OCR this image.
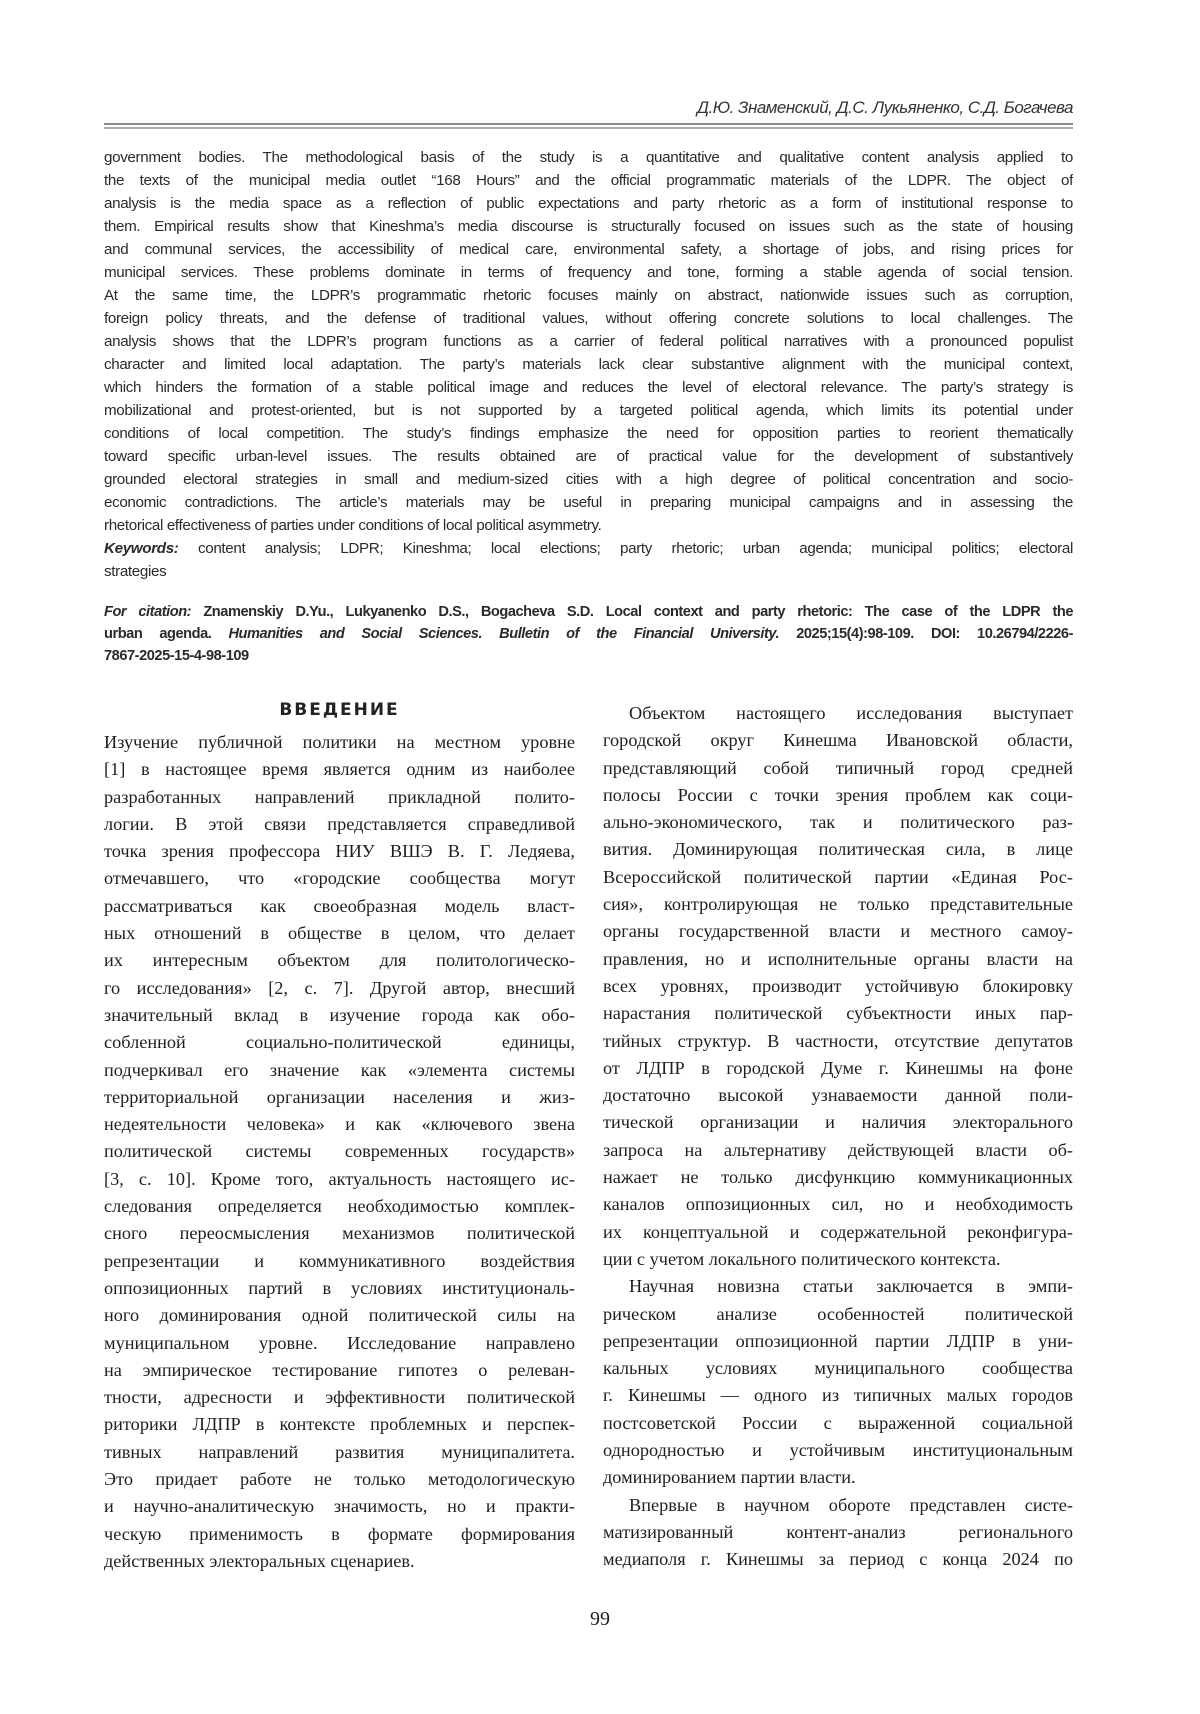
Д.Ю. Знаменский, Д.С. Лукьяненко, С.Д. Богачева
government bodies. The methodological basis of the study is a quantitative and qualitative content analysis applied to
the texts of the municipal media outlet “168 Hours” and the official programmatic materials of the LDPR. The object of
analysis is the media space as a reflection of public expectations and party rhetoric as a form of institutional response to
them. Empirical results show that Kineshma’s media discourse is structurally focused on issues such as the state of housing
and communal services, the accessibility of medical care, environmental safety, a shortage of jobs, and rising prices for
municipal services. These problems dominate in terms of frequency and tone, forming a stable agenda of social tension.
At the same time, the LDPR’s programmatic rhetoric focuses mainly on abstract, nationwide issues such as corruption,
foreign policy threats, and the defense of traditional values, without offering concrete solutions to local challenges. The
analysis shows that the LDPR’s program functions as a carrier of federal political narratives with a pronounced populist
character and limited local adaptation. The party’s materials lack clear substantive alignment with the municipal context,
which hinders the formation of a stable political image and reduces the level of electoral relevance. The party’s strategy is
mobilizational and protest-oriented, but is not supported by a targeted political agenda, which limits its potential under
conditions of local competition. The study’s findings emphasize the need for opposition parties to reorient thematically
toward specific urban-level issues. The results obtained are of practical value for the development of substantively
grounded electoral strategies in small and medium-sized cities with a high degree of political concentration and socio-
economic contradictions. The article’s materials may be useful in preparing municipal campaigns and in assessing the
rhetorical effectiveness of parties under conditions of local political asymmetry.
Keywords: content analysis; LDPR; Kineshma; local elections; party rhetoric; urban agenda; municipal politics; electoral
strategies
For citation: Znamenskiy D.Yu., Lukyanenko D.S., Bogacheva S.D. Local context and party rhetoric: The case of the LDPR the
urban agenda. Humanities and Social Sciences. Bulletin of the Financial University. 2025;15(4):98-109. DOI: 10.26794/2226-
7867-2025-15-4-98-109
ВВЕДЕНИЕ
Изучение публичной политики на местном уровне
[1] в настоящее время является одним из наиболее
разработанных направлений прикладной полито-
логии. В этой связи представляется справедливой
точка зрения профессора НИУ ВШЭ В. Г. Ледяева,
отмечавшего, что «городские сообщества могут
рассматриваться как своеобразная модель власт-
ных отношений в обществе в целом, что делает
их интересным объектом для политологическо-
го исследования» [2, с. 7]. Другой автор, внесший
значительный вклад в изучение города как обо-
собленной социально-политической единицы,
подчеркивал его значение как «элемента системы
территориальной организации населения и жиз-
недеятельности человека» и как «ключевого звена
политической системы современных государств»
[3, с. 10]. Кроме того, актуальность настоящего ис-
следования определяется необходимостью комплек-
сного переосмысления механизмов политической
репрезентации и коммуникативного воздействия
оппозиционных партий в условиях институциональ-
ного доминирования одной политической силы на
муниципальном уровне. Исследование направлено
на эмпирическое тестирование гипотез о релеван-
тности, адресности и эффективности политической
риторики ЛДПР в контексте проблемных и перспек-
тивных направлений развития муниципалитета.
Это придает работе не только методологическую
и научно-аналитическую значимость, но и практи-
ческую применимость в формате формирования
действенных электоральных сценариев.
Объектом настоящего исследования выступает
городской округ Кинешма Ивановской области,
представляющий собой типичный город средней
полосы России с точки зрения проблем как соци-
ально-экономического, так и политического раз-
вития. Доминирующая политическая сила, в лице
Всероссийской политической партии «Единая Рос-
сия», контролирующая не только представительные
органы государственной власти и местного самоу-
правления, но и исполнительные органы власти на
всех уровнях, производит устойчивую блокировку
нарастания политической субъектности иных пар-
тийных структур. В частности, отсутствие депутатов
от ЛДПР в городской Думе г. Кинешмы на фоне
достаточно высокой узнаваемости данной поли-
тической организации и наличия электорального
запроса на альтернативу действующей власти об-
нажает не только дисфункцию коммуникационных
каналов оппозиционных сил, но и необходимость
их концептуальной и содержательной реконфигура-
ции с учетом локального политического контекста.
Научная новизна статьи заключается в эмпи-
рическом анализе особенностей политической
репрезентации оппозиционной партии ЛДПР в уни-
кальных условиях муниципального сообщества
г. Кинешмы — одного из типичных малых городов
постсоветской России с выраженной социальной
однородностью и устойчивым институциональным
доминированием партии власти.
Впервые в научном обороте представлен систе-
матизированный контент-анализ регионального
медиаполя г. Кинешмы за период с конца 2024 по
99
